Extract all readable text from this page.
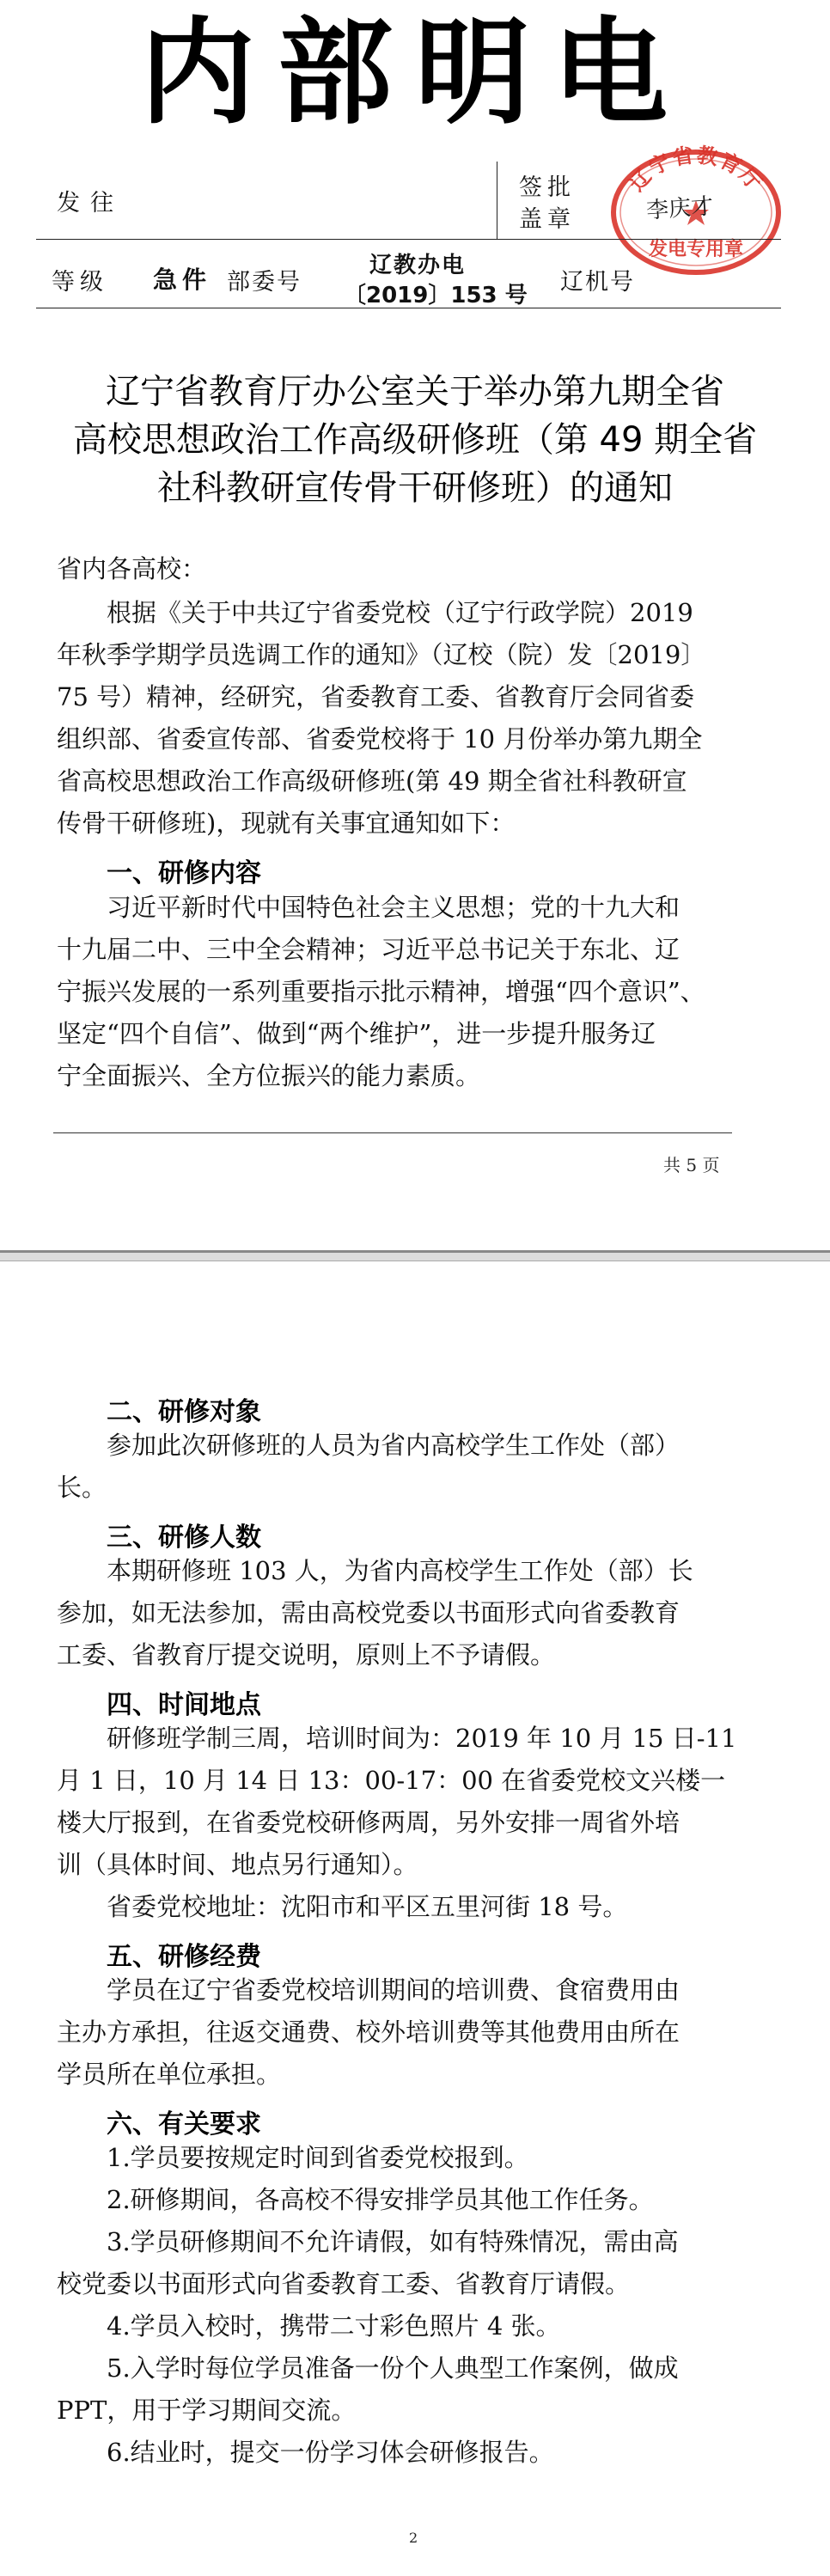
内部明电
发往
签批
盖章
辽宁省教育厅
发电专用章
李庆才
等级 急件 部委号
辽教办电
〔2019〕153 号 辽机号
辽宁省教育厅办公室关于举办第九期全省
高校思想政治工作高级研修班（第 49 期全省
社科教研宣传骨干研修班）的通知
省内各高校：
根据《关于中共辽宁省委党校（辽宁行政学院）2019
年秋季学期学员选调工作的通知》（辽校（院）发〔2019〕
75 号）精神，经研究，省委教育工委、省教育厅会同省委
组织部、省委宣传部、省委党校将于 10 月份举办第九期全
省高校思想政治工作高级研修班(第 49 期全省社科教研宣
传骨干研修班)，现就有关事宜通知如下：
一、研修内容
习近平新时代中国特色社会主义思想；党的十九大和
十九届二中、三中全会精神；习近平总书记关于东北、辽
宁振兴发展的一系列重要指示批示精神，增强“四个意识”、
坚定“四个自信”、做到“两个维护”，进一步提升服务辽
宁全面振兴、全方位振兴的能力素质。
共 5 页
二、研修对象
参加此次研修班的人员为省内高校学生工作处（部）
长。
三、研修人数
本期研修班 103 人，为省内高校学生工作处（部）长
参加，如无法参加，需由高校党委以书面形式向省委教育
工委、省教育厅提交说明，原则上不予请假。
四、时间地点
研修班学制三周，培训时间为：2019 年 10 月 15 日-11
月 1 日，10 月 14 日 13：00-17：00 在省委党校文兴楼一
楼大厅报到，在省委党校研修两周，另外安排一周省外培
训（具体时间、地点另行通知）。
省委党校地址：沈阳市和平区五里河街 18 号。
五、研修经费
学员在辽宁省委党校培训期间的培训费、食宿费用由
主办方承担，往返交通费、校外培训费等其他费用由所在
学员所在单位承担。
六、有关要求
1.学员要按规定时间到省委党校报到。
2.研修期间，各高校不得安排学员其他工作任务。
3.学员研修期间不允许请假，如有特殊情况，需由高
校党委以书面形式向省委教育工委、省教育厅请假。
4.学员入校时，携带二寸彩色照片 4 张。
5.入学时每位学员准备一份个人典型工作案例，做成
PPT，用于学习期间交流。
6.结业时，提交一份学习体会研修报告。
2
